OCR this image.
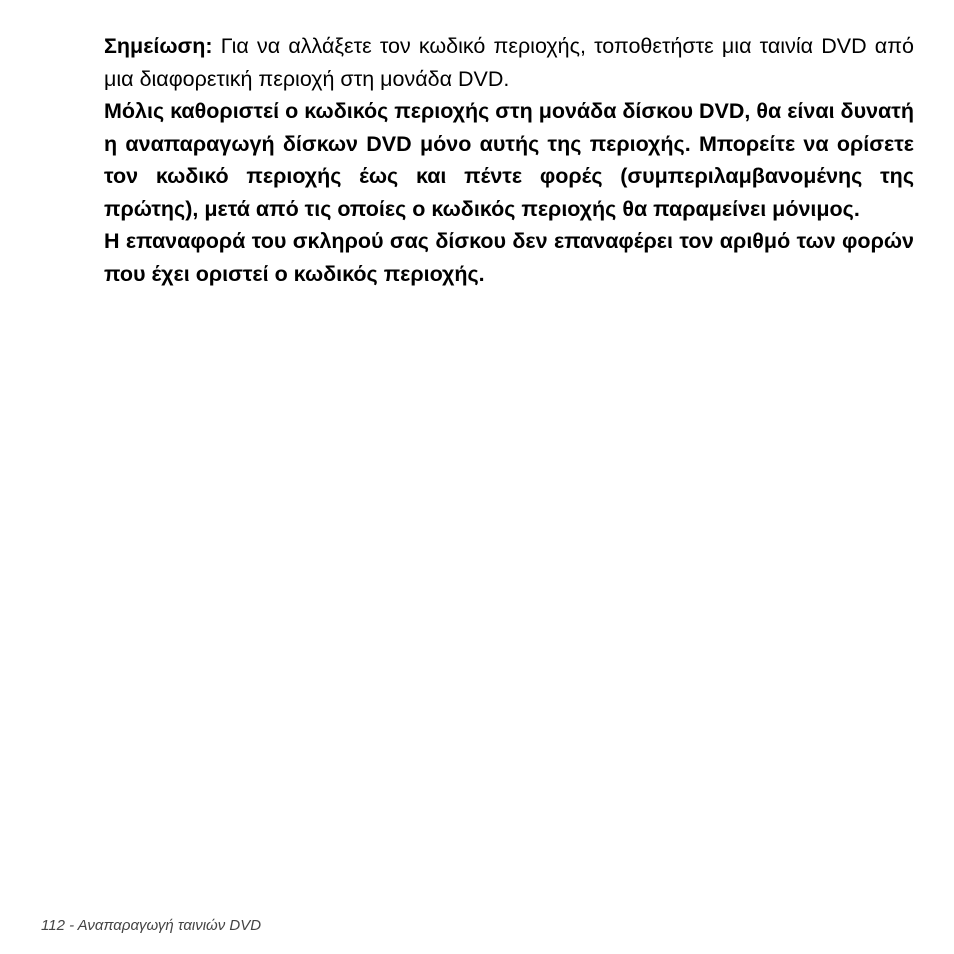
Σημείωση: Για να αλλάξετε τον κωδικό περιοχής, τοποθετήστε μια ταινία DVD από μια διαφορετική περιοχή στη μονάδα DVD.

Μόλις καθοριστεί ο κωδικός περιοχής στη μονάδα δίσκου DVD, θα είναι δυνατή η αναπαραγωγή δίσκων DVD μόνο αυτής της περιοχής. Μπορείτε να ορίσετε τον κωδικό περιοχής έως και πέντε φορές (συμπεριλαμβανομένης της πρώτης), μετά από τις οποίες ο κωδικός περιοχής θα παραμείνει μόνιμος.

Η επαναφορά του σκληρού σας δίσκου δεν επαναφέρει τον αριθμό των φορών που έχει οριστεί ο κωδικός περιοχής.

112 - Αναπαραγωγή ταινιών DVD
